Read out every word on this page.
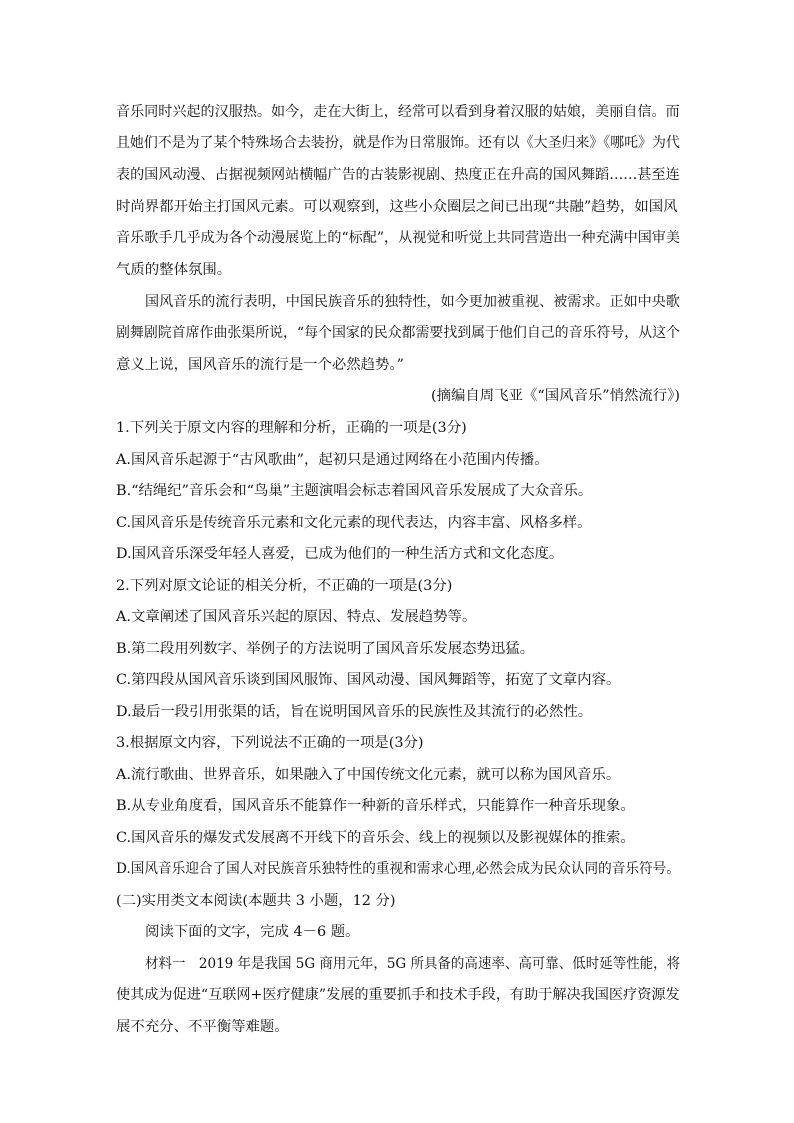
音乐同时兴起的汉服热。如今，走在大街上，经常可以看到身着汉服的姑娘，美丽自信。而
且她们不是为了某个特殊场合去装扮，就是作为日常服饰。还有以《大圣归来》《哪吒》为代
表的国风动漫、占据视频网站横幅广告的古装影视剧、热度正在升高的国风舞蹈……甚至连
时尚界都开始主打国风元素。可以观察到，这些小众圈层之间已出现“共融”趋势，如国风
音乐歌手几乎成为各个动漫展览上的“标配”，从视觉和听觉上共同营造出一种充满中国审美
气质的整体氛围。
国风音乐的流行表明，中国民族音乐的独特性，如今更加被重视、被需求。正如中央歌
剧舞剧院首席作曲张渠所说，“每个国家的民众都需要找到属于他们自己的音乐符号，从这个
意义上说，国风音乐的流行是一个必然趋势。”
(摘编自周飞亚《“国风音乐”悄然流行》)
1.下列关于原文内容的理解和分析，正确的一项是(3分)
A.国风音乐起源于“古风歌曲”，起初只是通过网络在小范围内传播。
B.“结绳纪”音乐会和“鸟巢”主题演唱会标志着国风音乐发展成了大众音乐。
C.国风音乐是传统音乐元素和文化元素的现代表达，内容丰富、风格多样。
D.国风音乐深受年轻人喜爱，已成为他们的一种生活方式和文化态度。
2.下列对原文论证的相关分析，不正确的一项是(3分)
A.文章阐述了国风音乐兴起的原因、特点、发展趋势等。
B.第二段用列数字、举例子的方法说明了国风音乐发展态势迅猛。
C.第四段从国风音乐谈到国风服饰、国风动漫、国风舞蹈等，拓宽了文章内容。
D.最后一段引用张渠的话，旨在说明国风音乐的民族性及其流行的必然性。
3.根据原文内容，下列说法不正确的一项是(3分)
A.流行歌曲、世界音乐，如果融入了中国传统文化元素，就可以称为国风音乐。
B.从专业角度看，国风音乐不能算作一种新的音乐样式，只能算作一种音乐现象。
C.国风音乐的爆发式发展离不开线下的音乐会、线上的视频以及影视媒体的推索。
D.国风音乐迎合了国人对民族音乐独特性的重视和需求心理,必然会成为民众认同的音乐符号。
(二)实用类文本阅读(本题共 3 小题，12 分)
阅读下面的文字，完成 4－6 题。
材料一　2019 年是我国 5G 商用元年，5G 所具备的高速率、高可靠、低时延等性能，将
使其成为促进“互联网+医疗健康”发展的重要抓手和技术手段，有助于解决我国医疗资源发
展不充分、不平衡等难题。
